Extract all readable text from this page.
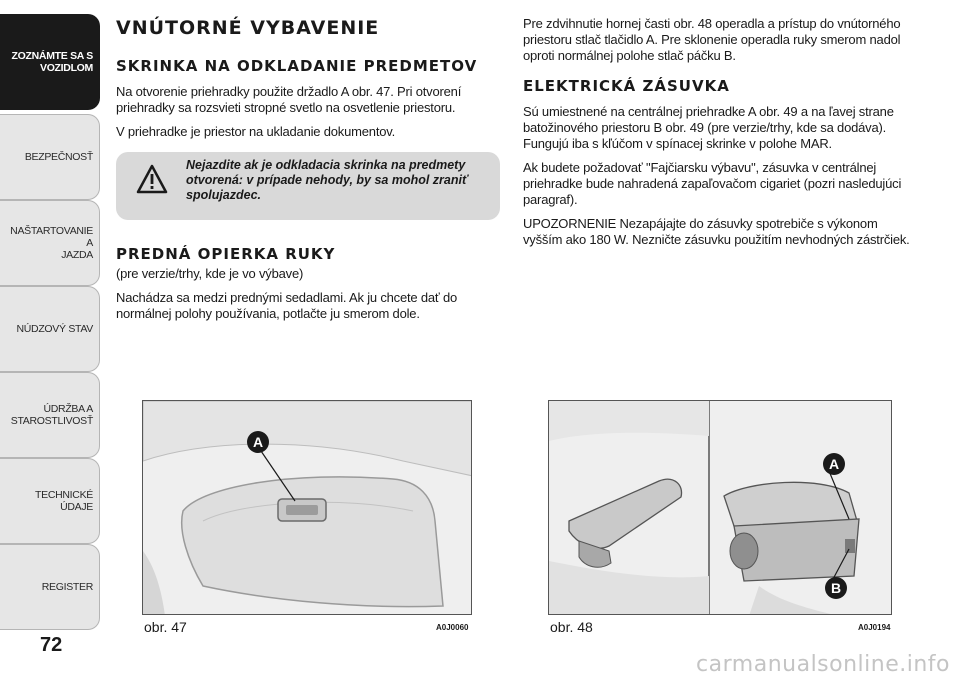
ZOZNÁMTE SA S
VOZIDLOM
BEZPEČNOSŤ
NAŠTARTOVANIE A
JAZDA
NÚDZOVÝ STAV
ÚDRŽBA A
STAROSTLIVOSŤ
TECHNICKÉ ÚDAJE
REGISTER
72
VNÚTORNÉ VYBAVENIE
SKRINKA NA ODKLADANIE PREDMETOV
Na otvorenie priehradky použite držadlo A obr. 47. Pri otvorení priehradky sa rozsvieti stropné svetlo na osvetlenie priestoru.
V priehradke je priestor na ukladanie dokumentov.
Nejazdite ak je odkladacia skrinka na predmety otvorená: v prípade nehody, by sa mohol zraniť spolujazdec.
PREDNÁ OPIERKA RUKY
(pre verzie/trhy, kde je vo výbave)
Nachádza sa medzi prednými sedadlami. Ak ju chcete dať do normálnej polohy používania, potlačte ju smerom dole.
Pre zdvihnutie hornej časti obr. 48 operadla a prístup do vnútorného priestoru stlač tlačidlo A. Pre sklonenie operadla ruky smerom nadol oproti normálnej polohe stlač páčku B.
ELEKTRICKÁ ZÁSUVKA
Sú umiestnené na centrálnej priehradke A obr. 49 a na ľavej strane batožinového priestoru B obr. 49 (pre verzie/trhy, kde sa dodáva). Fungujú iba s kľúčom v spínacej skrinke v polohe MAR.
Ak budete požadovať "Fajčiarsku výbavu", zásuvka v centrálnej priehradke bude nahradená zapaľovačom cigariet (pozri nasledujúci paragraf).
UPOZORNENIE Nezapájajte do zásuvky spotrebiče s výkonom vyšším ako 180 W. Nezničte zásuvku použitím nevhodných zástrčiek.
A
obr. 47	A0J0060
A
B
obr. 48	A0J0194
carmanualsonline.info
